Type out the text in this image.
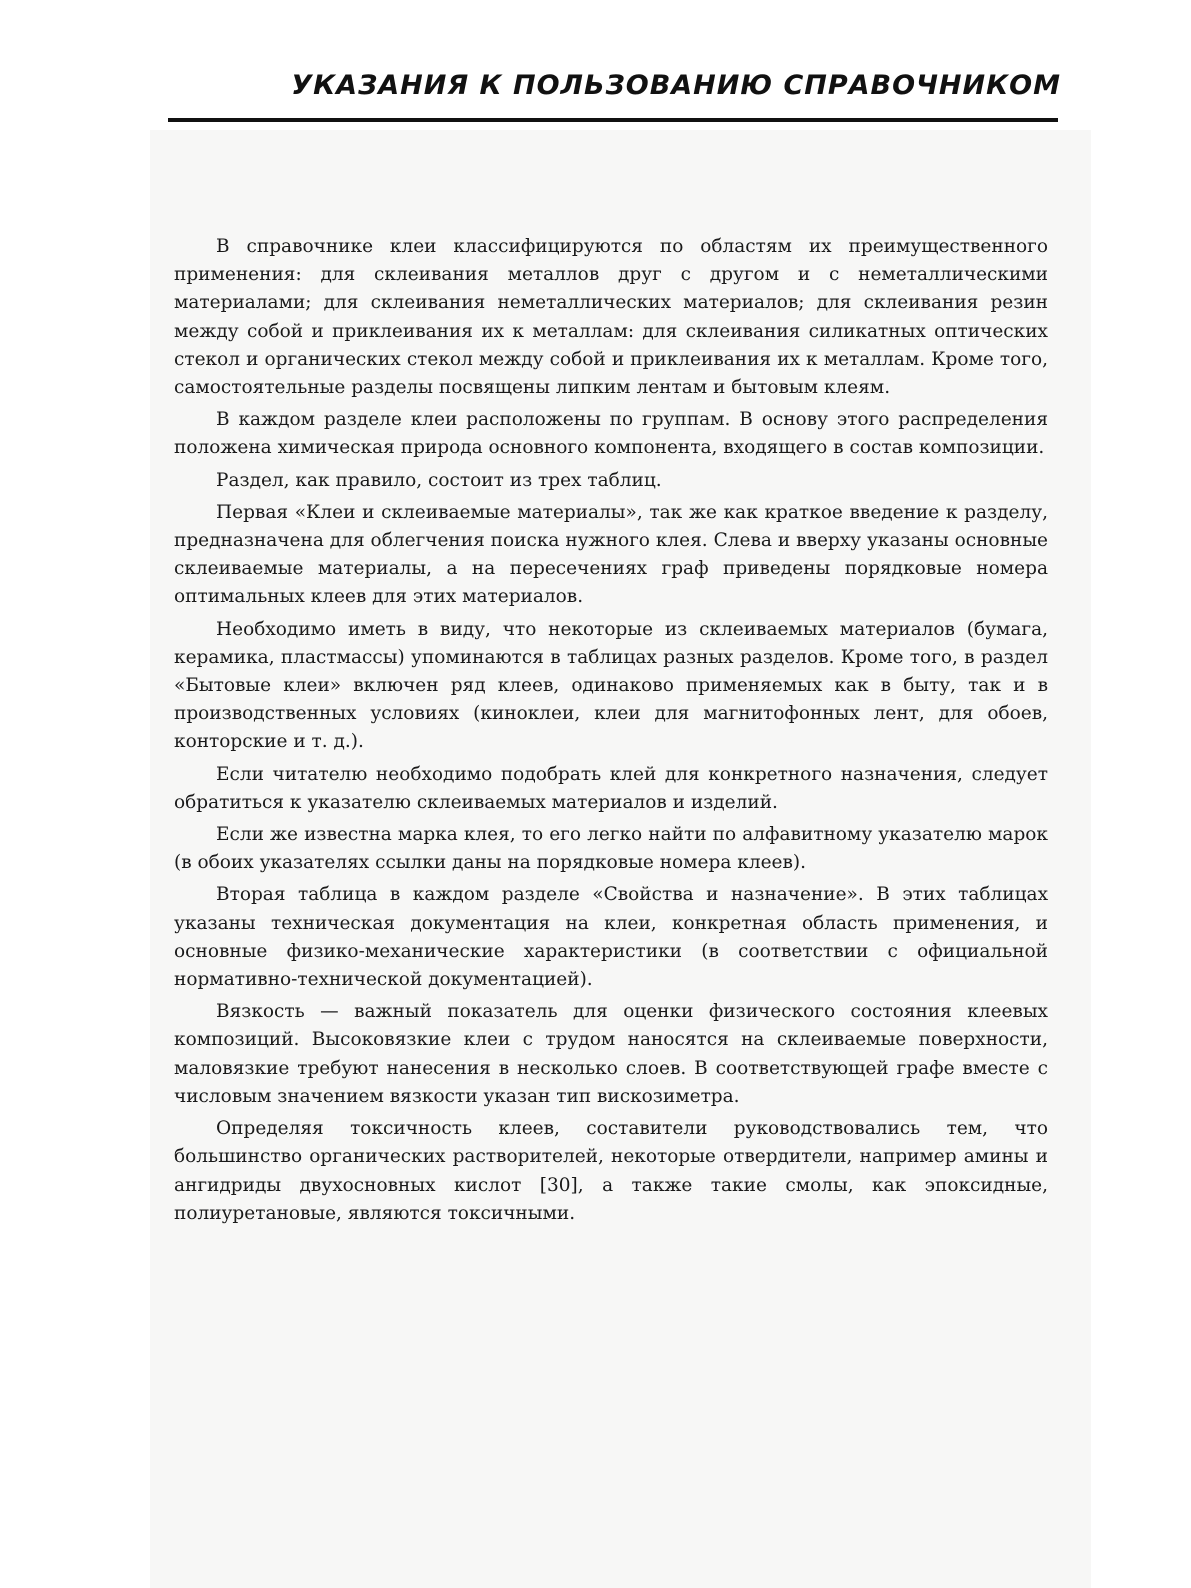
УКАЗАНИЯ К ПОЛЬЗОВАНИЮ СПРАВОЧНИКОМ

В справочнике клеи классифицируются по областям их преимущественного применения: для склеивания металлов друг с другом и с неметаллическими материалами; для склеивания неметаллических материалов; для склеивания резин между собой и приклеивания их к металлам: для склеивания силикатных оптических стекол и органических стекол между собой и приклеивания их к металлам. Кроме того, самостоятельные разделы посвящены липким лентам и бытовым клеям.

В каждом разделе клеи расположены по группам. В основу этого распределения положена химическая природа основного компонента, входящего в состав композиции.

Раздел, как правило, состоит из трех таблиц.

Первая «Клеи и склеиваемые материалы», так же как краткое введение к разделу, предназначена для облегчения поиска нужного клея. Слева и вверху указаны основные склеиваемые материалы, а на пересечениях граф приведены порядковые номера оптимальных клеев для этих материалов.

Необходимо иметь в виду, что некоторые из склеиваемых материалов (бумага, керамика, пластмассы) упоминаются в таблицах разных разделов. Кроме того, в раздел «Бытовые клеи» включен ряд клеев, одинаково применяемых как в быту, так и в производственных условиях (киноклеи, клеи для магнитофонных лент, для обоев, конторские и т. д.).

Если читателю необходимо подобрать клей для конкретного назначения, следует обратиться к указателю склеиваемых материалов и изделий.

Если же известна марка клея, то его легко найти по алфавитному указателю марок (в обоих указателях ссылки даны на порядковые номера клеев).

Вторая таблица в каждом разделе «Свойства и назначение». В этих таблицах указаны техническая документация на клеи, конкретная область применения, и основные физико-механические характеристики (в соответствии с официальной нормативно-технической документацией).

Вязкость — важный показатель для оценки физического состояния клеевых композиций. Высоковязкие клеи с трудом наносятся на склеиваемые поверхности, маловязкие требуют нанесения в несколько слоев. В соответствующей графе вместе с числовым значением вязкости указан тип вискозиметра.

Определяя токсичность клеев, составители руководствовались тем, что большинство органических растворителей, некоторые отвердители, например амины и ангидриды двухосновных кислот [30], а также такие смолы, как эпоксидные, полиуретановые, являются токсичными.
